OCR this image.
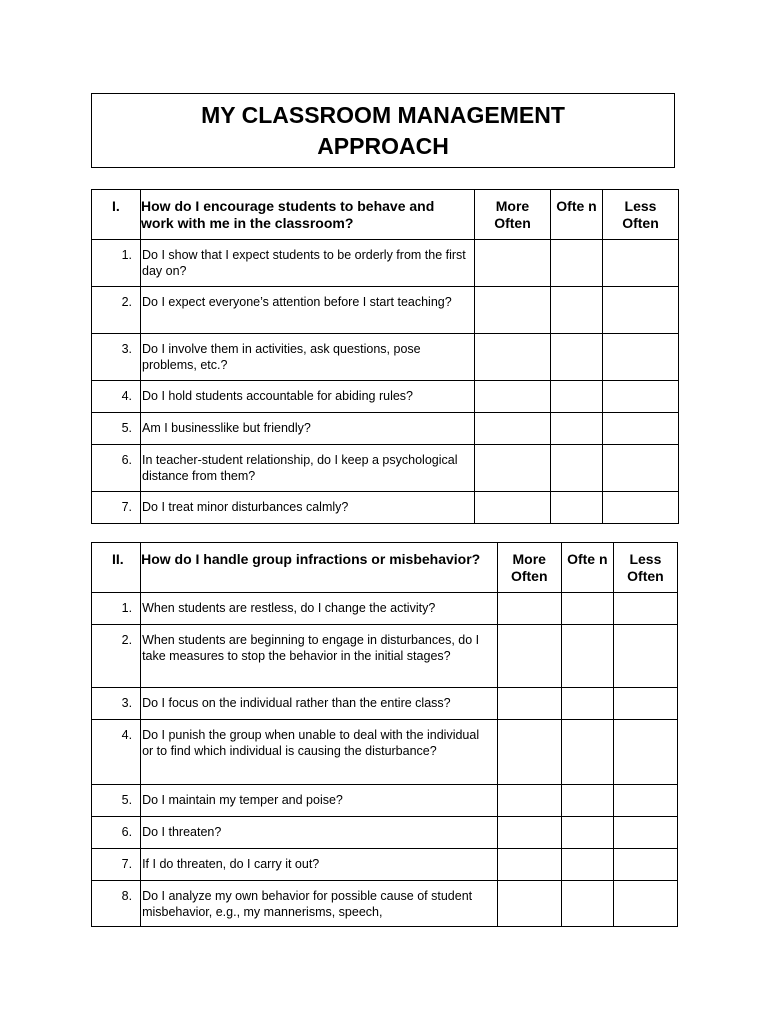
MY CLASSROOM MANAGEMENT
APPROACH
I.	How do I encourage students to behave and work with me in the classroom?	More Often	Ofte n	Less Often
1.	Do I show that I expect students to be orderly from the first day on?			
2.	Do I expect everyone’s attention before I start teaching?			
3.	Do I involve them in activities, ask questions, pose problems, etc.?			
4.	Do I hold students accountable for abiding rules?			
5.	Am I businesslike but friendly?			
6.	In teacher-student relationship, do I keep a psychological distance from them?			
7.	Do I treat minor disturbances calmly?			
II.	How do I handle group infractions or misbehavior?	More Often	Ofte n	Less Often
1.	When students are restless, do I change the activity?			
2.	When students are beginning to engage in disturbances, do I take measures to stop the behavior in the initial stages?			
3.	Do I focus on the individual rather than the entire class?			
4.	Do I punish the group when unable to deal with the individual or to find which individual is causing the disturbance?			
5.	Do I maintain my temper and poise?			
6.	Do I threaten?			
7.	If I do threaten, do I carry it out?			
8.	Do I analyze my own behavior for possible cause of student misbehavior, e.g., my mannerisms, speech,			
